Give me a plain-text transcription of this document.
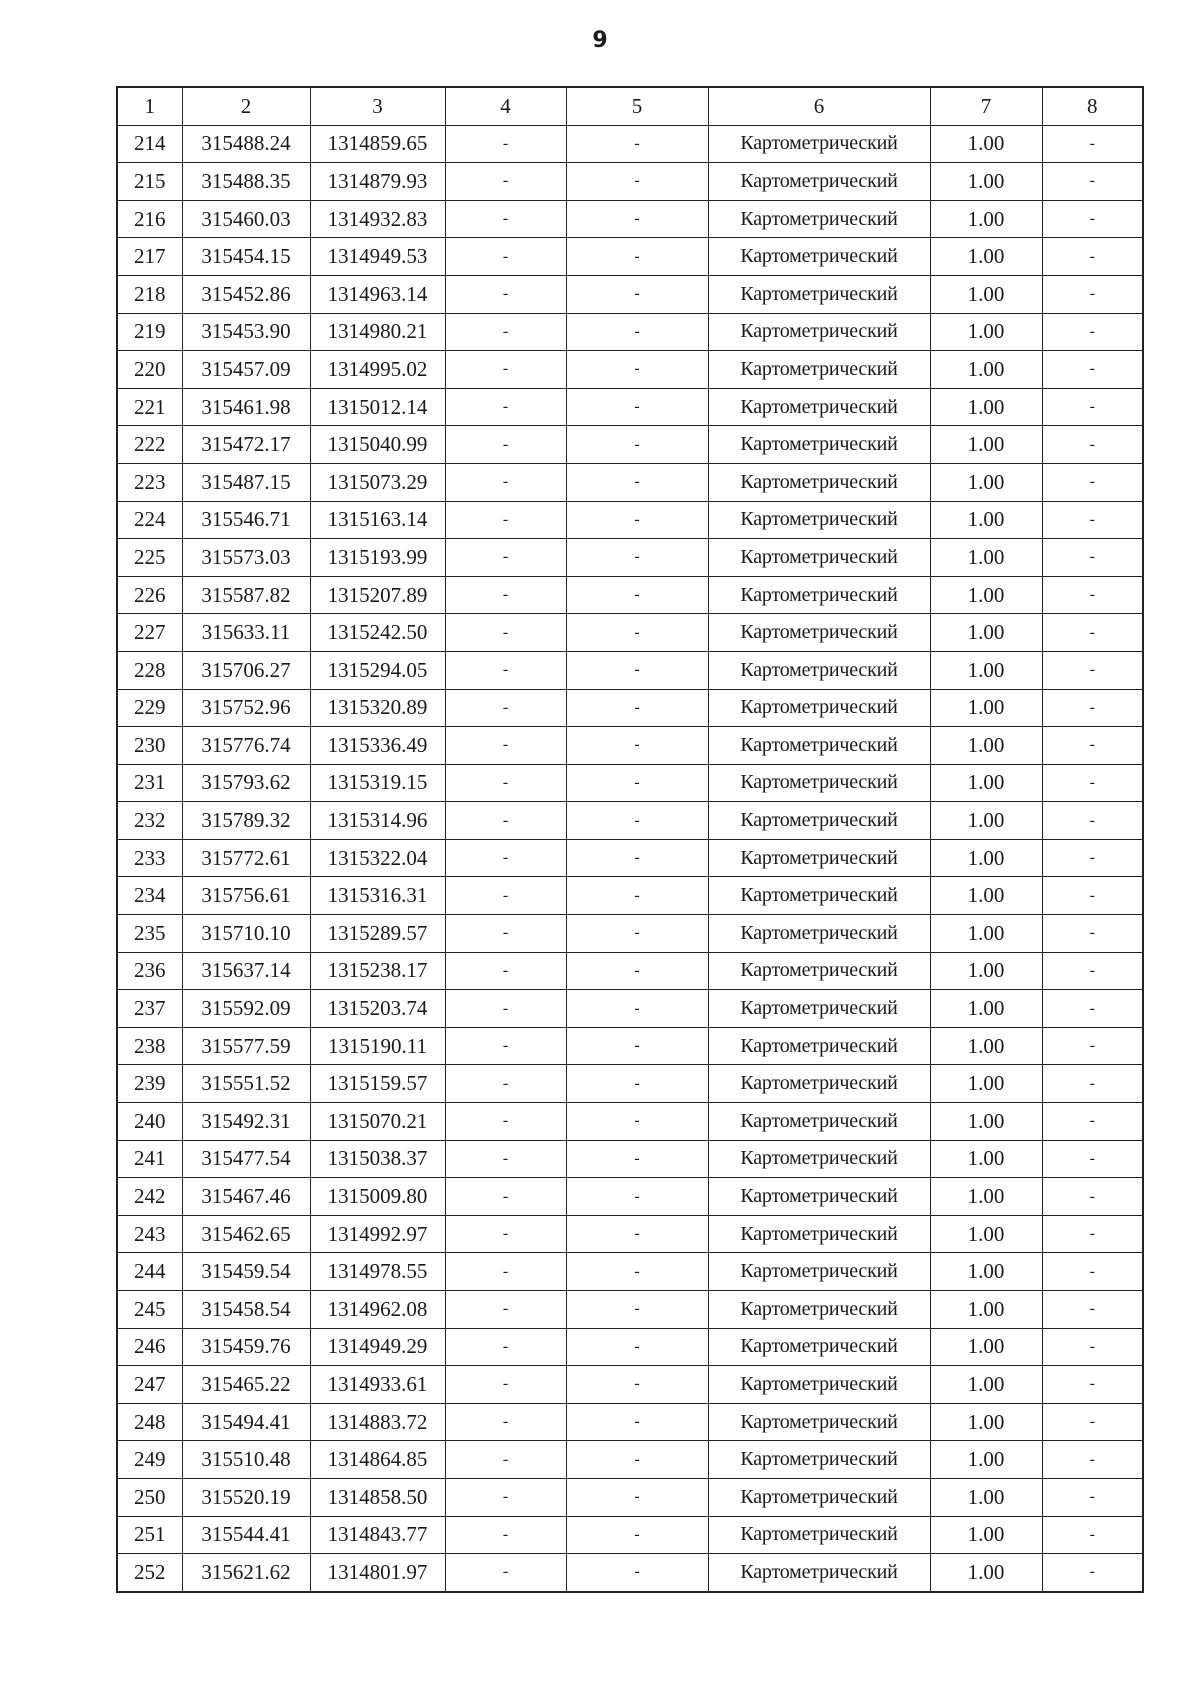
9
1	2	3	4	5	6	7	8
214	315488.24	1314859.65	-	-	Картометрический	1.00	-
215	315488.35	1314879.93	-	-	Картометрический	1.00	-
216	315460.03	1314932.83	-	-	Картометрический	1.00	-
217	315454.15	1314949.53	-	-	Картометрический	1.00	-
218	315452.86	1314963.14	-	-	Картометрический	1.00	-
219	315453.90	1314980.21	-	-	Картометрический	1.00	-
220	315457.09	1314995.02	-	-	Картометрический	1.00	-
221	315461.98	1315012.14	-	-	Картометрический	1.00	-
222	315472.17	1315040.99	-	-	Картометрический	1.00	-
223	315487.15	1315073.29	-	-	Картометрический	1.00	-
224	315546.71	1315163.14	-	-	Картометрический	1.00	-
225	315573.03	1315193.99	-	-	Картометрический	1.00	-
226	315587.82	1315207.89	-	-	Картометрический	1.00	-
227	315633.11	1315242.50	-	-	Картометрический	1.00	-
228	315706.27	1315294.05	-	-	Картометрический	1.00	-
229	315752.96	1315320.89	-	-	Картометрический	1.00	-
230	315776.74	1315336.49	-	-	Картометрический	1.00	-
231	315793.62	1315319.15	-	-	Картометрический	1.00	-
232	315789.32	1315314.96	-	-	Картометрический	1.00	-
233	315772.61	1315322.04	-	-	Картометрический	1.00	-
234	315756.61	1315316.31	-	-	Картометрический	1.00	-
235	315710.10	1315289.57	-	-	Картометрический	1.00	-
236	315637.14	1315238.17	-	-	Картометрический	1.00	-
237	315592.09	1315203.74	-	-	Картометрический	1.00	-
238	315577.59	1315190.11	-	-	Картометрический	1.00	-
239	315551.52	1315159.57	-	-	Картометрический	1.00	-
240	315492.31	1315070.21	-	-	Картометрический	1.00	-
241	315477.54	1315038.37	-	-	Картометрический	1.00	-
242	315467.46	1315009.80	-	-	Картометрический	1.00	-
243	315462.65	1314992.97	-	-	Картометрический	1.00	-
244	315459.54	1314978.55	-	-	Картометрический	1.00	-
245	315458.54	1314962.08	-	-	Картометрический	1.00	-
246	315459.76	1314949.29	-	-	Картометрический	1.00	-
247	315465.22	1314933.61	-	-	Картометрический	1.00	-
248	315494.41	1314883.72	-	-	Картометрический	1.00	-
249	315510.48	1314864.85	-	-	Картометрический	1.00	-
250	315520.19	1314858.50	-	-	Картометрический	1.00	-
251	315544.41	1314843.77	-	-	Картометрический	1.00	-
252	315621.62	1314801.97	-	-	Картометрический	1.00	-
